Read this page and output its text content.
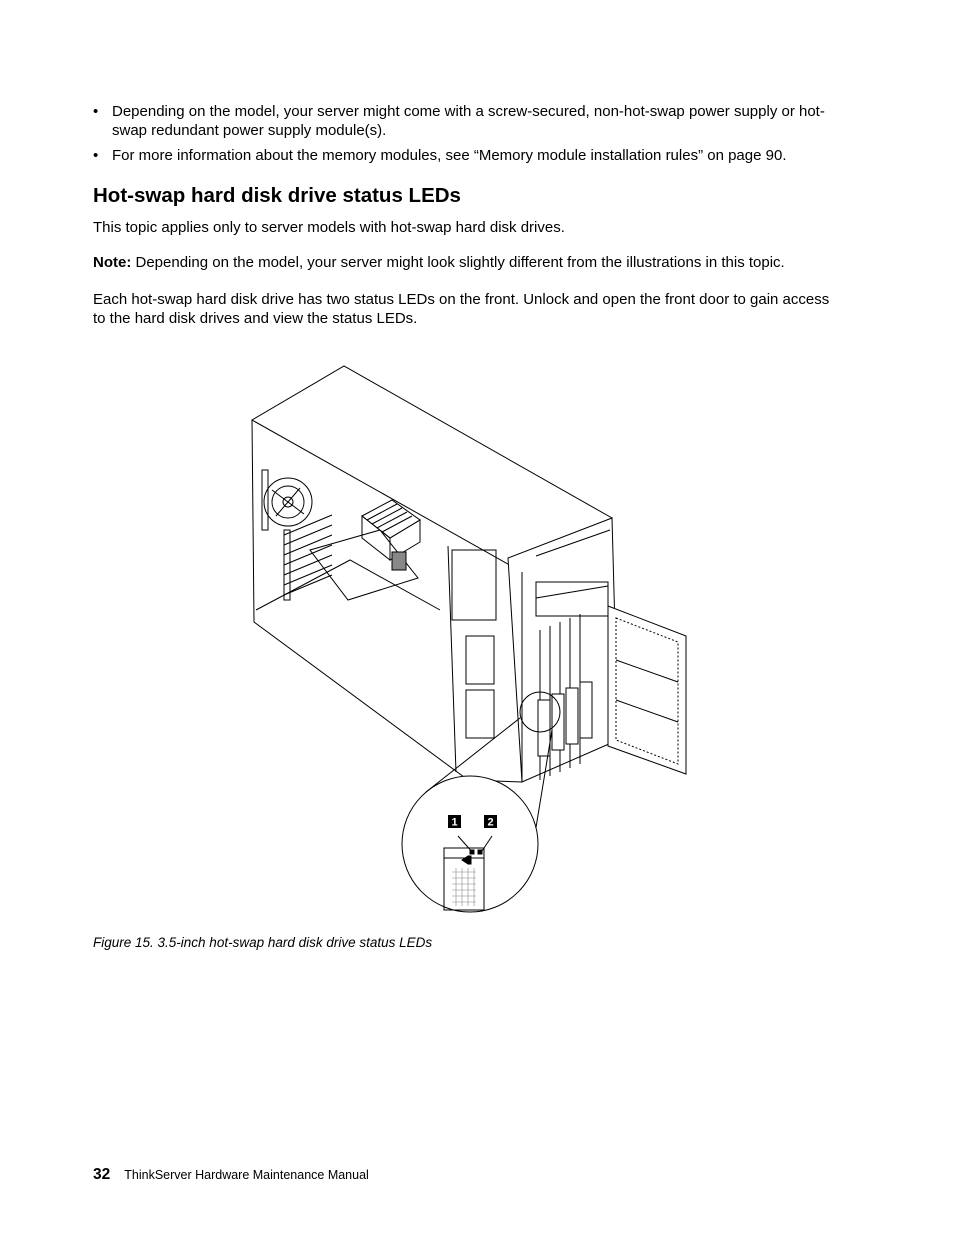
• Depending on the model, your server might come with a screw-secured, non-hot-swap power supply or hot-swap redundant power supply module(s).
• For more information about the memory modules, see “Memory module installation rules” on page 90.
Hot-swap hard disk drive status LEDs

This topic applies only to server models with hot-swap hard disk drives.

Note: Depending on the model, your server might look slightly different from the illustrations in this topic.

Each hot-swap hard disk drive has two status LEDs on the front. Unlock and open the front door to gain access to the hard disk drives and view the status LEDs.

1	2
Figure 15. 3.5-inch hot-swap hard disk drive status LEDs
32 ThinkServer Hardware Maintenance Manual
